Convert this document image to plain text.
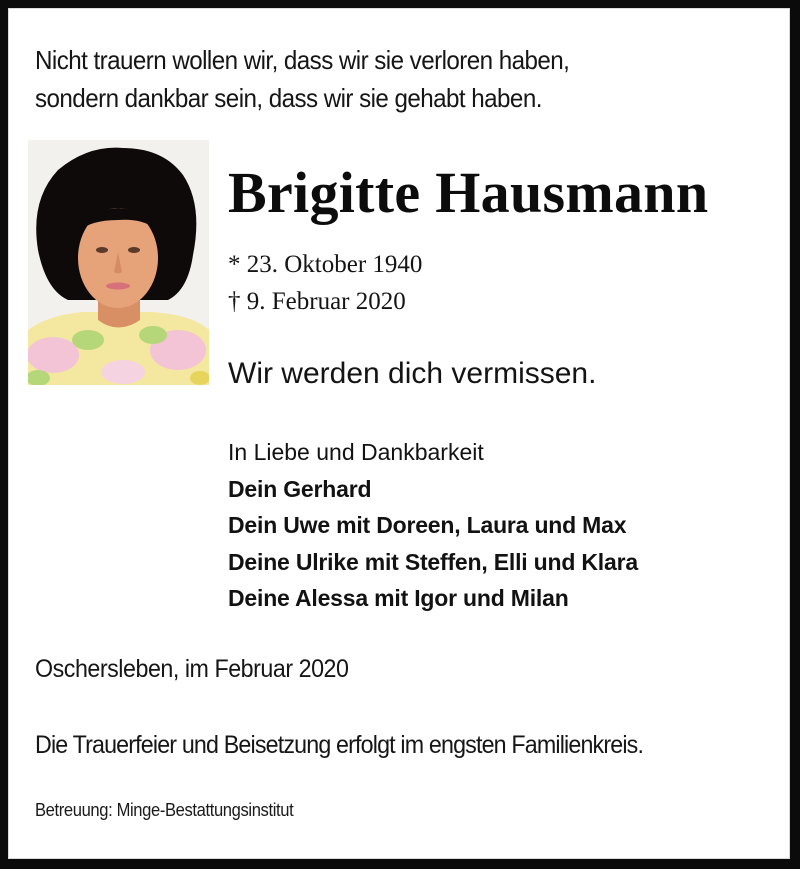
Nicht trauern wollen wir, dass wir sie verloren haben,
sondern dankbar sein, dass wir sie gehabt haben.
Brigitte Hausmann
* 23. Oktober 1940
† 9. Februar 2020
Wir werden dich vermissen.
In Liebe und Dankbarkeit
Dein Gerhard
Dein Uwe mit Doreen, Laura und Max
Deine Ulrike mit Steffen, Elli und Klara
Deine Alessa mit Igor und Milan
Oschersleben, im Februar 2020
Die Trauerfeier und Beisetzung erfolgt im engsten Familienkreis.
Betreuung: Minge-Bestattungsinstitut
